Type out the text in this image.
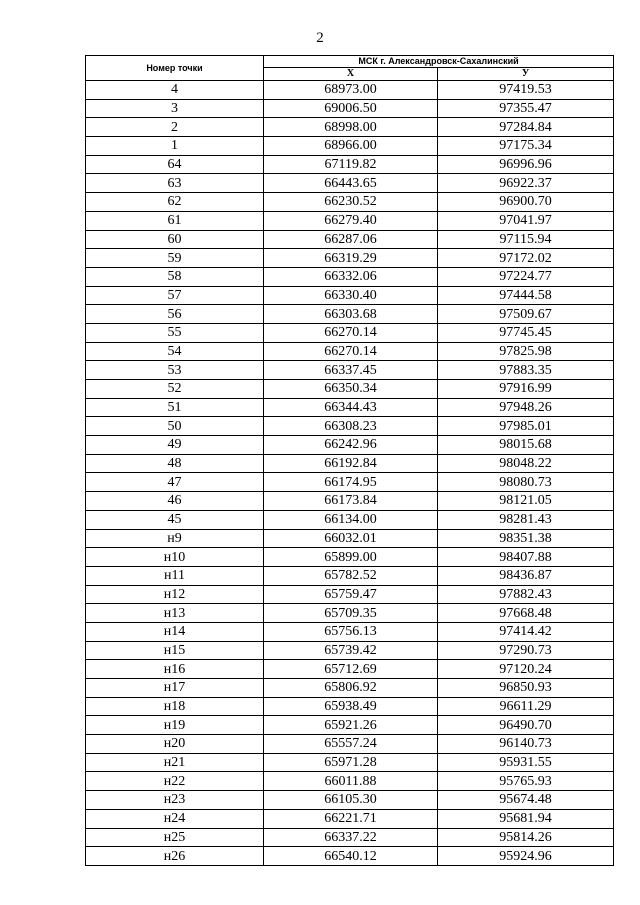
2
Номер точки	МСК г. Александровск-Сахалинский	
	Х	У
4	68973.00	97419.53
3	69006.50	97355.47
2	68998.00	97284.84
1	68966.00	97175.34
64	67119.82	96996.96
63	66443.65	96922.37
62	66230.52	96900.70
61	66279.40	97041.97
60	66287.06	97115.94
59	66319.29	97172.02
58	66332.06	97224.77
57	66330.40	97444.58
56	66303.68	97509.67
55	66270.14	97745.45
54	66270.14	97825.98
53	66337.45	97883.35
52	66350.34	97916.99
51	66344.43	97948.26
50	66308.23	97985.01
49	66242.96	98015.68
48	66192.84	98048.22
47	66174.95	98080.73
46	66173.84	98121.05
45	66134.00	98281.43
н9	66032.01	98351.38
н10	65899.00	98407.88
н11	65782.52	98436.87
н12	65759.47	97882.43
н13	65709.35	97668.48
н14	65756.13	97414.42
н15	65739.42	97290.73
н16	65712.69	97120.24
н17	65806.92	96850.93
н18	65938.49	96611.29
н19	65921.26	96490.70
н20	65557.24	96140.73
н21	65971.28	95931.55
н22	66011.88	95765.93
н23	66105.30	95674.48
н24	66221.71	95681.94
н25	66337.22	95814.26
н26	66540.12	95924.96
